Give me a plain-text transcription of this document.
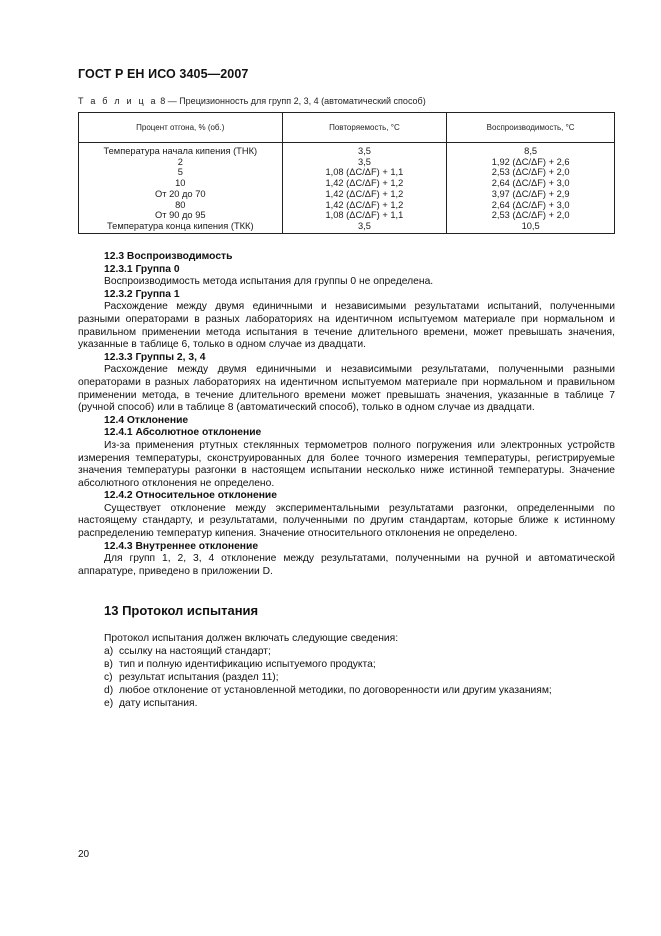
ГОСТ Р ЕН ИСО 3405—2007
Т а б л и ц а 8 — Прецизионность для групп 2, 3, 4 (автоматический способ)
Процент отгона, % (об.)	Повторяемость, °С	Воспроизводимость, °С
Температура начала кипения (ТНК)	3,5	8,5
2	3,5	1,92 (ΔC/ΔF) + 2,6
5	1,08 (ΔC/ΔF) + 1,1	2,53 (ΔC/ΔF) + 2,0
10	1,42 (ΔC/ΔF) + 1,2	2,64 (ΔC/ΔF) + 3,0
От 20 до 70	1,42 (ΔC/ΔF) + 1,2	3,97 (ΔC/ΔF) + 2,9
80	1,42 (ΔC/ΔF) + 1,2	2,64 (ΔC/ΔF) + 3,0
От 90 до 95	1,08 (ΔC/ΔF) + 1,1	2,53 (ΔC/ΔF) + 2,0
Температура конца кипения (ТКК)	3,5	10,5

12.3 Воспроизводимость

12.3.1 Группа 0

Воспроизводимость метода испытания для группы 0 не определена.

12.3.2 Группа 1

Расхождение между двумя единичными и независимыми результатами испытаний, полученными разными операторами в разных лабораториях на идентичном испытуемом материале при нормальном и правильном применении метода испытания в течение длительного времени, может превышать значения, указанные в таблице 6, только в одном случае из двадцати.

12.3.3 Группы 2, 3, 4

Расхождение между двумя единичными и независимыми результатами, полученными разными операторами в разных лабораториях на идентичном испытуемом материале при нормальном и правильном применении метода, в течение длительного времени может превышать значения, указанные в таблице 7 (ручной способ) или в таблице 8 (автоматический способ), только в одном случае из двадцати.

12.4 Отклонение

12.4.1 Абсолютное отклонение

Из-за применения ртутных стеклянных термометров полного погружения или электронных устройств измерения температуры, сконструированных для более точного измерения температуры, регистрируемые значения температуры разгонки в настоящем испытании несколько ниже истинной температуры. Значение абсолютного отклонения не определено.

12.4.2 Относительное отклонение

Существует отклонение между экспериментальными результатами разгонки, определенными по настоящему стандарту, и результатами, полученными по другим стандартам, которые ближе к истинному распределению температур кипения. Значение относительного отклонения не определено.

12.4.3 Внутреннее отклонение

Для групп 1, 2, 3, 4 отклонение между результатами, полученными на ручной и автоматической аппаратуре, приведено в приложении D.

13 Протокол испытания

Протокол испытания должен включать следующие сведения:

а) ссылку на настоящий стандарт;
в) тип и полную идентификацию испытуемого продукта;
с) результат испытания (раздел 11);
d) любое отклонение от установленной методики, по договоренности или другим указаниям;
е) дату испытания.
20
